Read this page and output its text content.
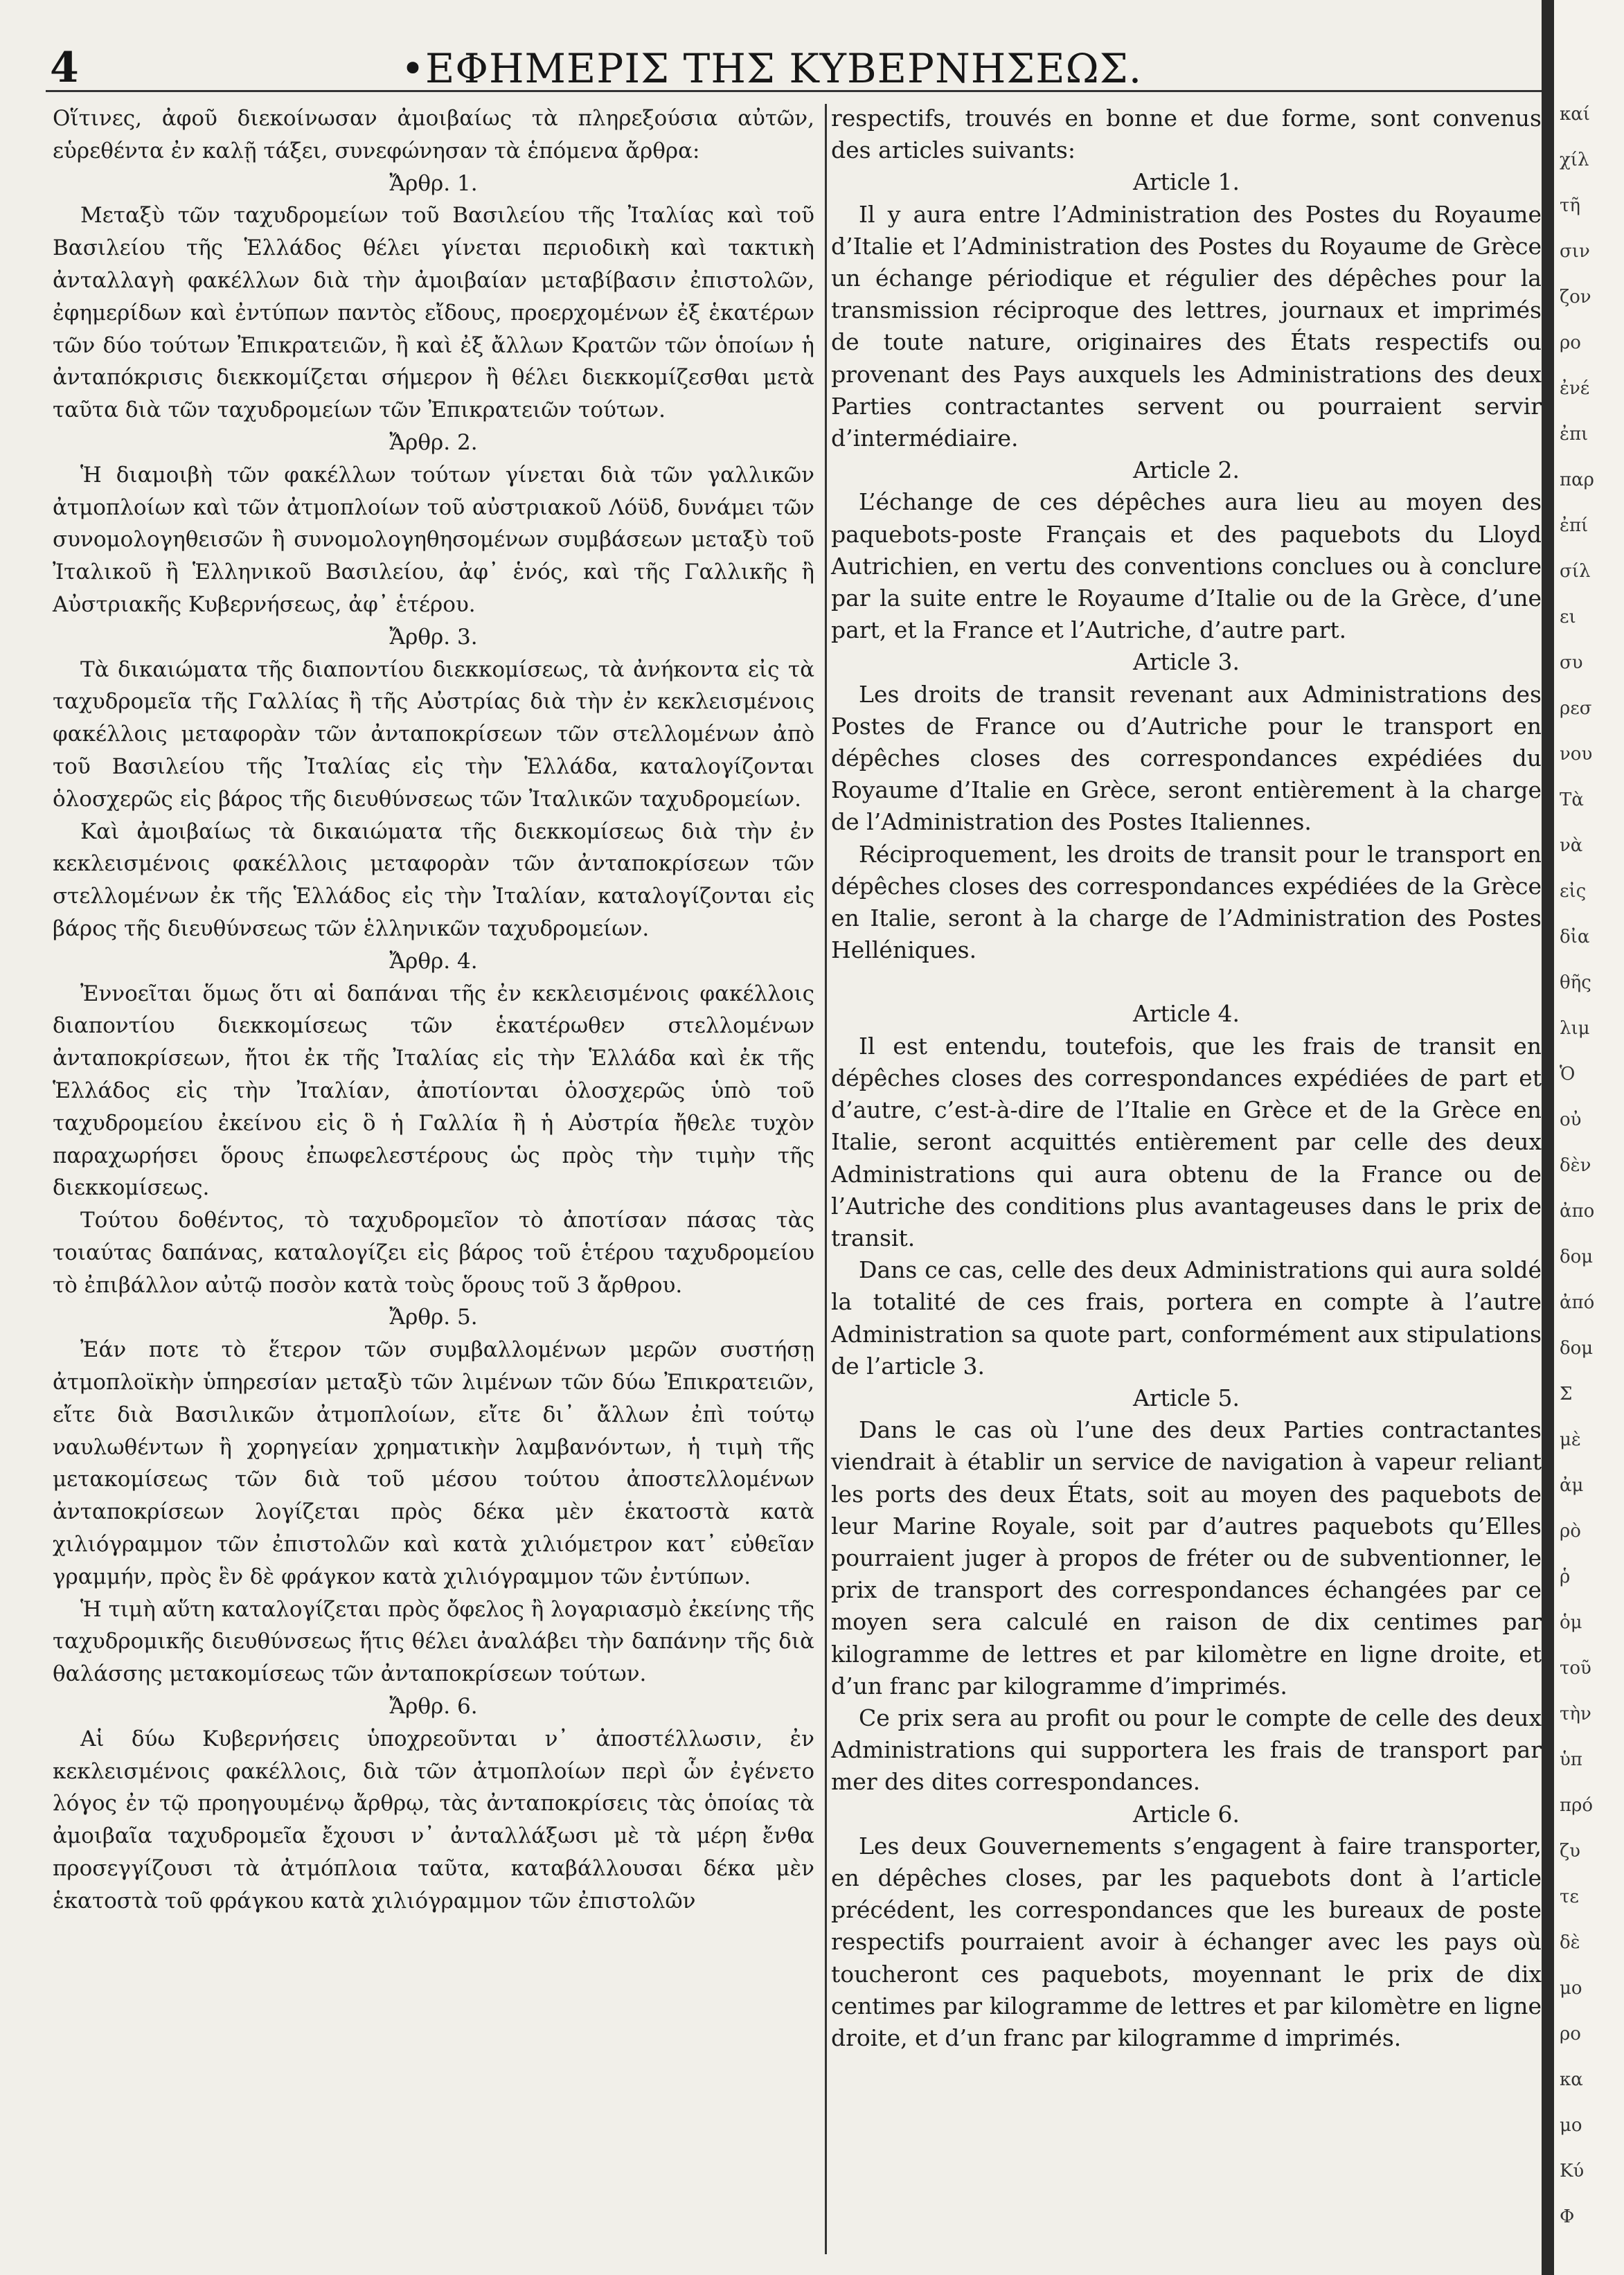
4	•ΕΦΗΜΕΡΙΣ ΤΗΣ ΚΥΒΕΡΝΗΣΕΩΣ.

Οἵτινες, ἀφοῦ διεκοίνωσαν ἀμοιβαίως τὰ πληρεξούσια αὐτῶν, εὑρεθέντα ἐν καλῇ τάξει, συνεφώνησαν τὰ ἑπόμενα ἄρθρα:

Ἄρθρ. 1.

Μεταξὺ τῶν ταχυδρομείων τοῦ Βασιλείου τῆς Ἰταλίας καὶ τοῦ Βασιλείου τῆς Ἑλλάδος θέλει γίνεται περιοδικὴ καὶ τακτικὴ ἀνταλλαγὴ φακέλλων διὰ τὴν ἀμοιβαίαν μεταβίβασιν ἐπιστολῶν, ἐφημερίδων καὶ ἐντύπων παντὸς εἴδους, προερχομένων ἐξ ἑκατέρων τῶν δύο τούτων Ἐπικρατειῶν, ἢ καὶ ἐξ ἄλλων Κρατῶν τῶν ὁποίων ἡ ἀνταπόκρισις διεκκομίζεται σήμερον ἢ θέλει διεκκομίζεσθαι μετὰ ταῦτα διὰ τῶν ταχυδρομείων τῶν Ἐπικρατειῶν τούτων.

Ἄρθρ. 2.

Ἡ διαμοιβὴ τῶν φακέλλων τούτων γίνεται διὰ τῶν γαλλικῶν ἀτμοπλοίων καὶ τῶν ἀτμοπλοίων τοῦ αὐστριακοῦ Λόϋδ, δυνάμει τῶν συνομολογηθεισῶν ἢ συνομολογηθησομένων συμβάσεων μεταξὺ τοῦ Ἰταλικοῦ ἢ Ἑλληνικοῦ Βασιλείου, ἀφ᾽ ἑνός, καὶ τῆς Γαλλικῆς ἢ Αὐστριακῆς Κυβερνήσεως, ἀφ᾽ ἑτέρου.

Ἄρθρ. 3.

Τὰ δικαιώματα τῆς διαποντίου διεκκομίσεως, τὰ ἀνήκοντα εἰς τὰ ταχυδρομεῖα τῆς Γαλλίας ἢ τῆς Αὐστρίας διὰ τὴν ἐν κεκλεισμένοις φακέλλοις μεταφορὰν τῶν ἀνταποκρίσεων τῶν στελλομένων ἀπὸ τοῦ Βασιλείου τῆς Ἰταλίας εἰς τὴν Ἑλλάδα, καταλογίζονται ὁλοσχερῶς εἰς βάρος τῆς διευθύνσεως τῶν Ἰταλικῶν ταχυδρομείων.

Καὶ ἀμοιβαίως τὰ δικαιώματα τῆς διεκκομίσεως διὰ τὴν ἐν κεκλεισμένοις φακέλλοις μεταφορὰν τῶν ἀνταποκρίσεων τῶν στελλομένων ἐκ τῆς Ἑλλάδος εἰς τὴν Ἰταλίαν, καταλογίζονται εἰς βάρος τῆς διευθύνσεως τῶν ἑλληνικῶν ταχυδρομείων.

Ἄρθρ. 4.

Ἐννοεῖται ὅμως ὅτι αἱ δαπάναι τῆς ἐν κεκλεισμένοις φακέλλοις διαποντίου διεκκομίσεως τῶν ἑκατέρωθεν στελλομένων ἀνταποκρίσεων, ἤτοι ἐκ τῆς Ἰταλίας εἰς τὴν Ἑλλάδα καὶ ἐκ τῆς Ἑλλάδος εἰς τὴν Ἰταλίαν, ἀποτίονται ὁλοσχερῶς ὑπὸ τοῦ ταχυδρομείου ἐκείνου εἰς ὃ ἡ Γαλλία ἢ ἡ Αὐστρία ἤθελε τυχὸν παραχωρήσει ὅρους ἐπωφελεστέρους ὡς πρὸς τὴν τιμὴν τῆς διεκκομίσεως.

Τούτου δοθέντος, τὸ ταχυδρομεῖον τὸ ἀποτίσαν πάσας τὰς τοιαύτας δαπάνας, καταλογίζει εἰς βάρος τοῦ ἑτέρου ταχυδρομείου τὸ ἐπιβάλλον αὐτῷ ποσὸν κατὰ τοὺς ὅρους τοῦ 3 ἄρθρου.

Ἄρθρ. 5.

Ἐάν ποτε τὸ ἕτερον τῶν συμβαλλομένων μερῶν συστήσῃ ἀτμοπλοϊκὴν ὑπηρεσίαν μεταξὺ τῶν λιμένων τῶν δύω Ἐπικρατειῶν, εἴτε διὰ Βασιλικῶν ἀτμοπλοίων, εἴτε δι᾽ ἄλλων ἐπὶ τούτῳ ναυλωθέντων ἢ χορηγείαν χρηματικὴν λαμβανόντων, ἡ τιμὴ τῆς μετακομίσεως τῶν διὰ τοῦ μέσου τούτου ἀποστελλομένων ἀνταποκρίσεων λογίζεται πρὸς δέκα μὲν ἑκατοστὰ κατὰ χιλιόγραμμον τῶν ἐπιστολῶν καὶ κατὰ χιλιόμετρον κατ᾽ εὐθεῖαν γραμμήν, πρὸς ἓν δὲ φράγκον κατὰ χιλιόγραμμον τῶν ἐντύπων.

Ἡ τιμὴ αὕτη καταλογίζεται πρὸς ὄφελος ἢ λογαριασμὸ ἐκείνης τῆς ταχυδρομικῆς διευθύνσεως ἥτις θέλει ἀναλάβει τὴν δαπάνην τῆς διὰ θαλάσσης μετακομίσεως τῶν ἀνταποκρίσεων τούτων.

Ἄρθρ. 6.

Αἱ δύω Κυβερνήσεις ὑποχρεοῦνται ν᾽ ἀποστέλλωσιν, ἐν κεκλεισμένοις φακέλλοις, διὰ τῶν ἀτμοπλοίων περὶ ὧν ἐγένετο λόγος ἐν τῷ προηγουμένῳ ἄρθρῳ, τὰς ἀνταποκρίσεις τὰς ὁποίας τὰ ἀμοιβαῖα ταχυδρομεῖα ἔχουσι ν᾽ ἀνταλλάξωσι μὲ τὰ μέρη ἔνθα προσεγγίζουσι τὰ ἀτμόπλοια ταῦτα, καταβάλλουσαι δέκα μὲν ἑκατοστὰ τοῦ φράγκου κατὰ χιλιόγραμμον τῶν ἐπιστολῶν

respectifs, trouvés en bonne et due forme, sont convenus des articles suivants:

Article 1.

Il y aura entre l’Administration des Postes du Royaume d’Italie et l’Administration des Postes du Royaume de Grèce un échange périodique et régulier des dépêches pour la transmission réciproque des lettres, journaux et imprimés de toute nature, originaires des États respectifs ou provenant des Pays auxquels les Administrations des deux Parties contractantes servent ou pourraient servir d’intermédiaire.

Article 2.

L’échange de ces dépêches aura lieu au moyen des paquebots-poste Français et des paquebots du Lloyd Autrichien, en vertu des conventions conclues ou à conclure par la suite entre le Royaume d’Italie ou de la Grèce, d’une part, et la France et l’Autriche, d’autre part.

Article 3.

Les droits de transit revenant aux Administrations des Postes de France ou d’Autriche pour le transport en dépêches closes des correspondances expédiées du Royaume d’Italie en Grèce, seront entièrement à la charge de l’Administration des Postes Italiennes.

Réciproquement, les droits de transit pour le transport en dépêches closes des correspondances expédiées de la Grèce en Italie, seront à la charge de l’Administration des Postes Helléniques.

Article 4.

Il est entendu, toutefois, que les frais de transit en dépêches closes des correspondances expédiées de part et d’autre, c’est-à-dire de l’Italie en Grèce et de la Grèce en Italie, seront acquittés entièrement par celle des deux Administrations qui aura obtenu de la France ou de l’Autriche des conditions plus avantageuses dans le prix de transit.

Dans ce cas, celle des deux Administrations qui aura soldé la totalité de ces frais, portera en compte à l’autre Administration sa quote part, conformément aux stipulations de l’article 3.

Article 5.

Dans le cas où l’une des deux Parties contractantes viendrait à établir un service de navigation à vapeur reliant les ports des deux États, soit au moyen des paquebots de leur Marine Royale, soit par d’autres paquebots qu’Elles pourraient juger à propos de fréter ou de subventionner, le prix de transport des correspondances échangées par ce moyen sera calculé en raison de dix centimes par kilogramme de lettres et par kilomètre en ligne droite, et d’un franc par kilogramme d’imprimés.

Ce prix sera au profit ou pour le compte de celle des deux Administrations qui supportera les frais de transport par mer des dites correspondances.

Article 6.

Les deux Gouvernements s’engagent à faire transporter, en dépêches closes, par les paquebots dont à l’article précédent, les correspondances que les bureaux de poste respectifs pourraient avoir à échanger avec les pays où toucheront ces paquebots, moyennant le prix de dix centimes par kilogramme de lettres et par kilomètre en ligne droite, et d’un franc par kilogramme d imprimés.

καί
χίλ
τῆ
σιν
ζον
ρο
ἐνέ
ἐπι
παρ
ἐπί
σίλ
ει
συ
ρεσ
νου
Τὰ
νὰ
εἰς
δἰα
θῆς
λιμ
Ὁ
οὐ
δὲν
ἀπο
δομ
ἀπό
δομ
Σ
μὲ
ἀμ
ρὸ
ῥ
ὁμ
τοῦ
τὴν
ὑπ
πρό
ζυ
τε
δὲ
μο
ρο
κα
μο
Κύ
Φ
